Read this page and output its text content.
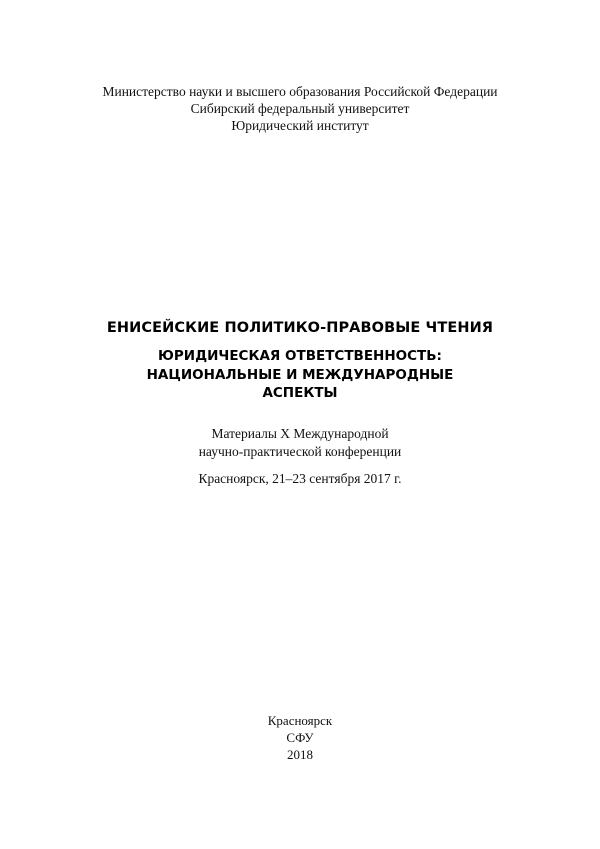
Министерство науки и высшего образования Российской Федерации
Сибирский федеральный университет
Юридический институт
ЕНИСЕЙСКИЕ ПОЛИТИКО-ПРАВОВЫЕ ЧТЕНИЯ
ЮРИДИЧЕСКАЯ ОТВЕТСТВЕННОСТЬ:
НАЦИОНАЛЬНЫЕ И МЕЖДУНАРОДНЫЕ
АСПЕКТЫ
Материалы Х Международной
научно-практической конференции
Красноярск, 21–23 сентября 2017 г.
Красноярск
СФУ
2018
